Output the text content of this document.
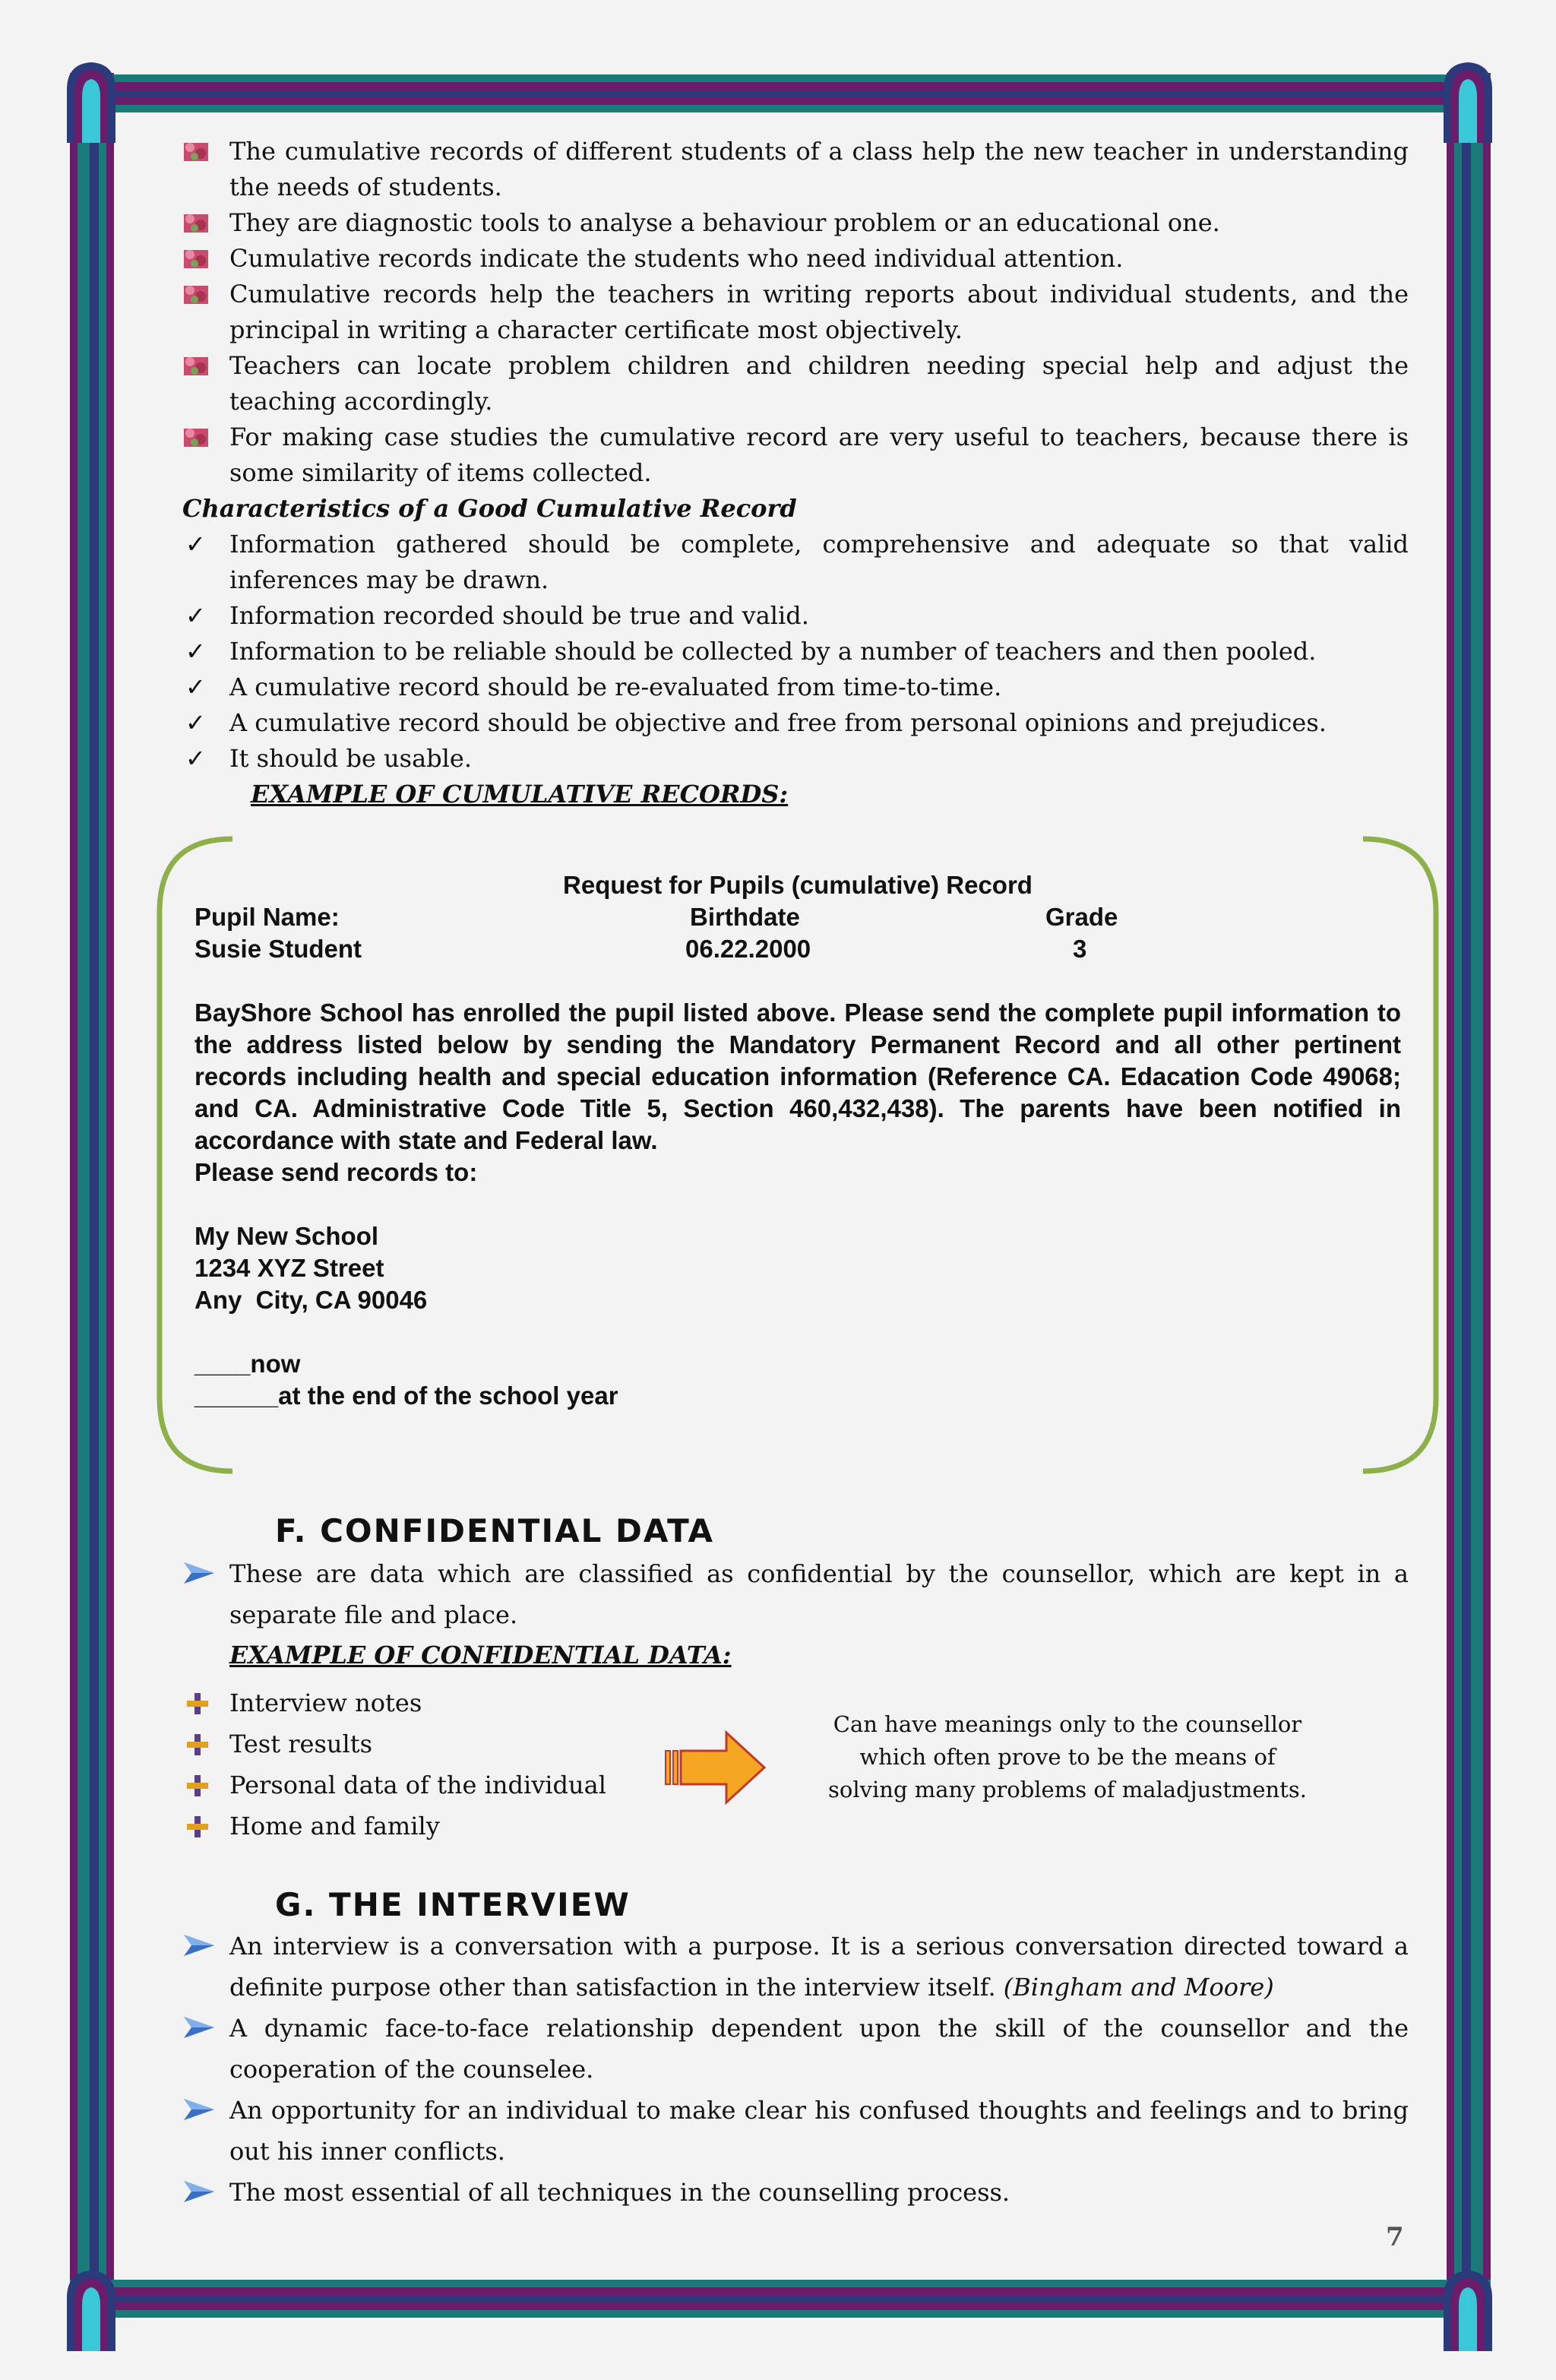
The cumulative records of different students of a class help the new teacher in understanding the needs of students.
They are diagnostic tools to analyse a behaviour problem or an educational one.
Cumulative records indicate the students who need individual attention.
Cumulative records help the teachers in writing reports about individual students, and the principal in writing a character certificate most objectively.
Teachers can locate problem children and children needing special help and adjust the teaching accordingly.
For making case studies the cumulative record are very useful to teachers, because there is some similarity of items collected.

Characteristics of a Good Cumulative Record

✓ Information gathered should be complete, comprehensive and adequate so that valid inferences may be drawn.
✓ Information recorded should be true and valid.
✓ Information to be reliable should be collected by a number of teachers and then pooled.
✓ A cumulative record should be re-evaluated from time-to-time.
✓ A cumulative record should be objective and free from personal opinions and prejudices.
✓ It should be usable.

EXAMPLE OF CUMULATIVE RECORDS:

Request for Pupils (cumulative) Record
Pupil Name:	Birthdate	Grade
Susie Student	06.22.2000	3
BayShore School has enrolled the pupil listed above. Please send the complete pupil information to the address listed below by sending the Mandatory Permanent Record and all other pertinent records including health and special education information (Reference CA. Edacation Code 49068; and CA. Administrative Code Title 5, Section 460,432,438). The parents have been notified in accordance with state and Federal law.
Please send records to:
My New School
1234 XYZ Street
Any  City, CA 90046
____now
______at the end of the school year
F. CONFIDENTIAL DATA
These are data which are classified as confidential by the counsellor, which are kept in a separate file and place.

EXAMPLE OF CONFIDENTIAL DATA:

Interview notes
Test results
Personal data of the individual
Home and family
Can have meanings only to the counsellor which often prove to be the means of solving many problems of maladjustments.
G. THE INTERVIEW
An interview is a conversation with a purpose. It is a serious conversation directed toward a definite purpose other than satisfaction in the interview itself. (Bingham and Moore)
A dynamic face-to-face relationship dependent upon the skill of the counsellor and the cooperation of the counselee.
An opportunity for an individual to make clear his confused thoughts and feelings and to bring out his inner conflicts.
The most essential of all techniques in the counselling process.
7
